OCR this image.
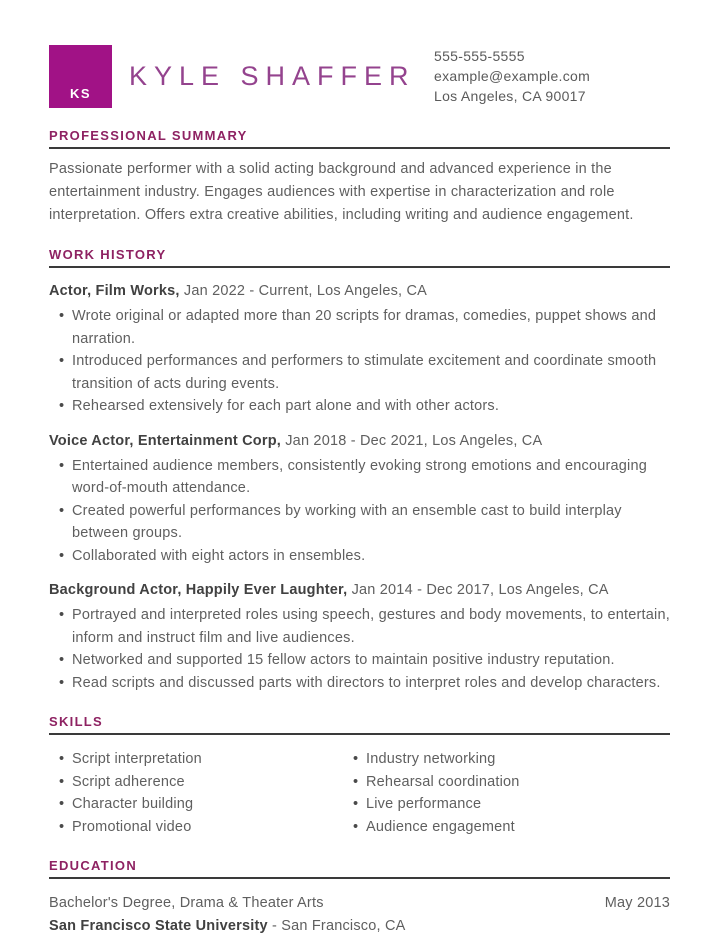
KS
KYLE SHAFFER
555-555-5555
example@example.com
Los Angeles, CA 90017
PROFESSIONAL SUMMARY

Passionate performer with a solid acting background and advanced experience in the entertainment industry. Engages audiences with expertise in characterization and role interpretation. Offers extra creative abilities, including writing and audience engagement.

WORK HISTORY
Actor, Film Works, Jan 2022 - Current, Los Angeles, CA
• Wrote original or adapted more than 20 scripts for dramas, comedies, puppet shows and narration.
• Introduced performances and performers to stimulate excitement and coordinate smooth transition of acts during events.
• Rehearsed extensively for each part alone and with other actors.
Voice Actor, Entertainment Corp, Jan 2018 - Dec 2021, Los Angeles, CA
• Entertained audience members, consistently evoking strong emotions and encouraging word-of-mouth attendance.
• Created powerful performances by working with an ensemble cast to build interplay between groups.
• Collaborated with eight actors in ensembles.
Background Actor, Happily Ever Laughter, Jan 2014 - Dec 2017, Los Angeles, CA
• Portrayed and interpreted roles using speech, gestures and body movements, to entertain, inform and instruct film and live audiences.
• Networked and supported 15 fellow actors to maintain positive industry reputation.
• Read scripts and discussed parts with directors to interpret roles and develop characters.
SKILLS
• Script interpretation
• Script adherence
• Character building
• Promotional video
• Industry networking
• Rehearsal coordination
• Live performance
• Audience engagement
EDUCATION
Bachelor's Degree, Drama & Theater Arts	May 2013
San Francisco State University - San Francisco, CA
